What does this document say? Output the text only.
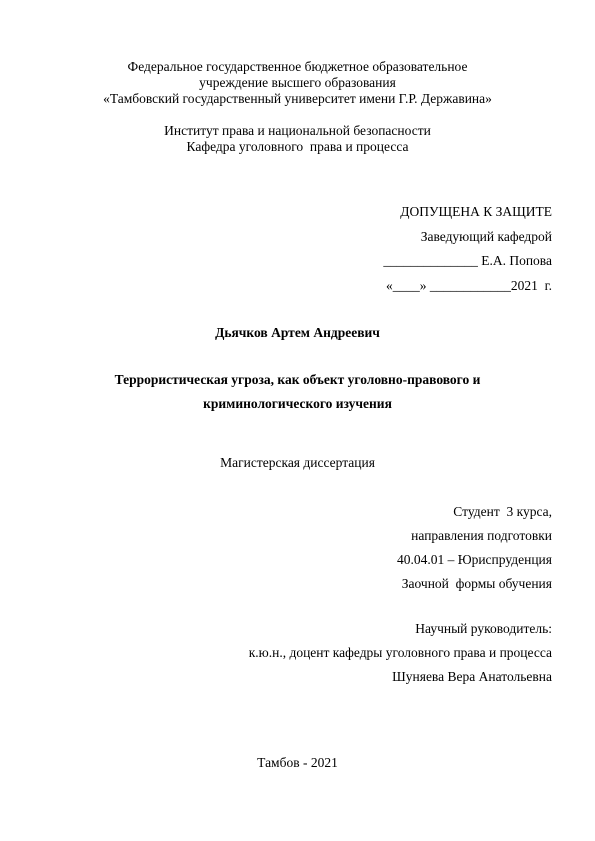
Федеральное государственное бюджетное образовательное
учреждение высшего образования
«Тамбовский государственный университет имени Г.Р. Державина»
Институт права и национальной безопасности
Кафедра уголовного  права и процесса
ДОПУЩЕНА К ЗАЩИТЕ
Заведующий кафедрой
______________ Е.А. Попова
«____» ____________2021  г.
Дьячков Артем Андреевич
Террористическая угроза, как объект уголовно-правового и
криминологического изучения
Магистерская диссертация
Студент  3 курса,
направления подготовки
40.04.01 – Юриспруденция
Заочной  формы обучения
Научный руководитель:
к.ю.н., доцент кафедры уголовного права и процесса
Шуняева Вера Анатольевна
Тамбов - 2021
